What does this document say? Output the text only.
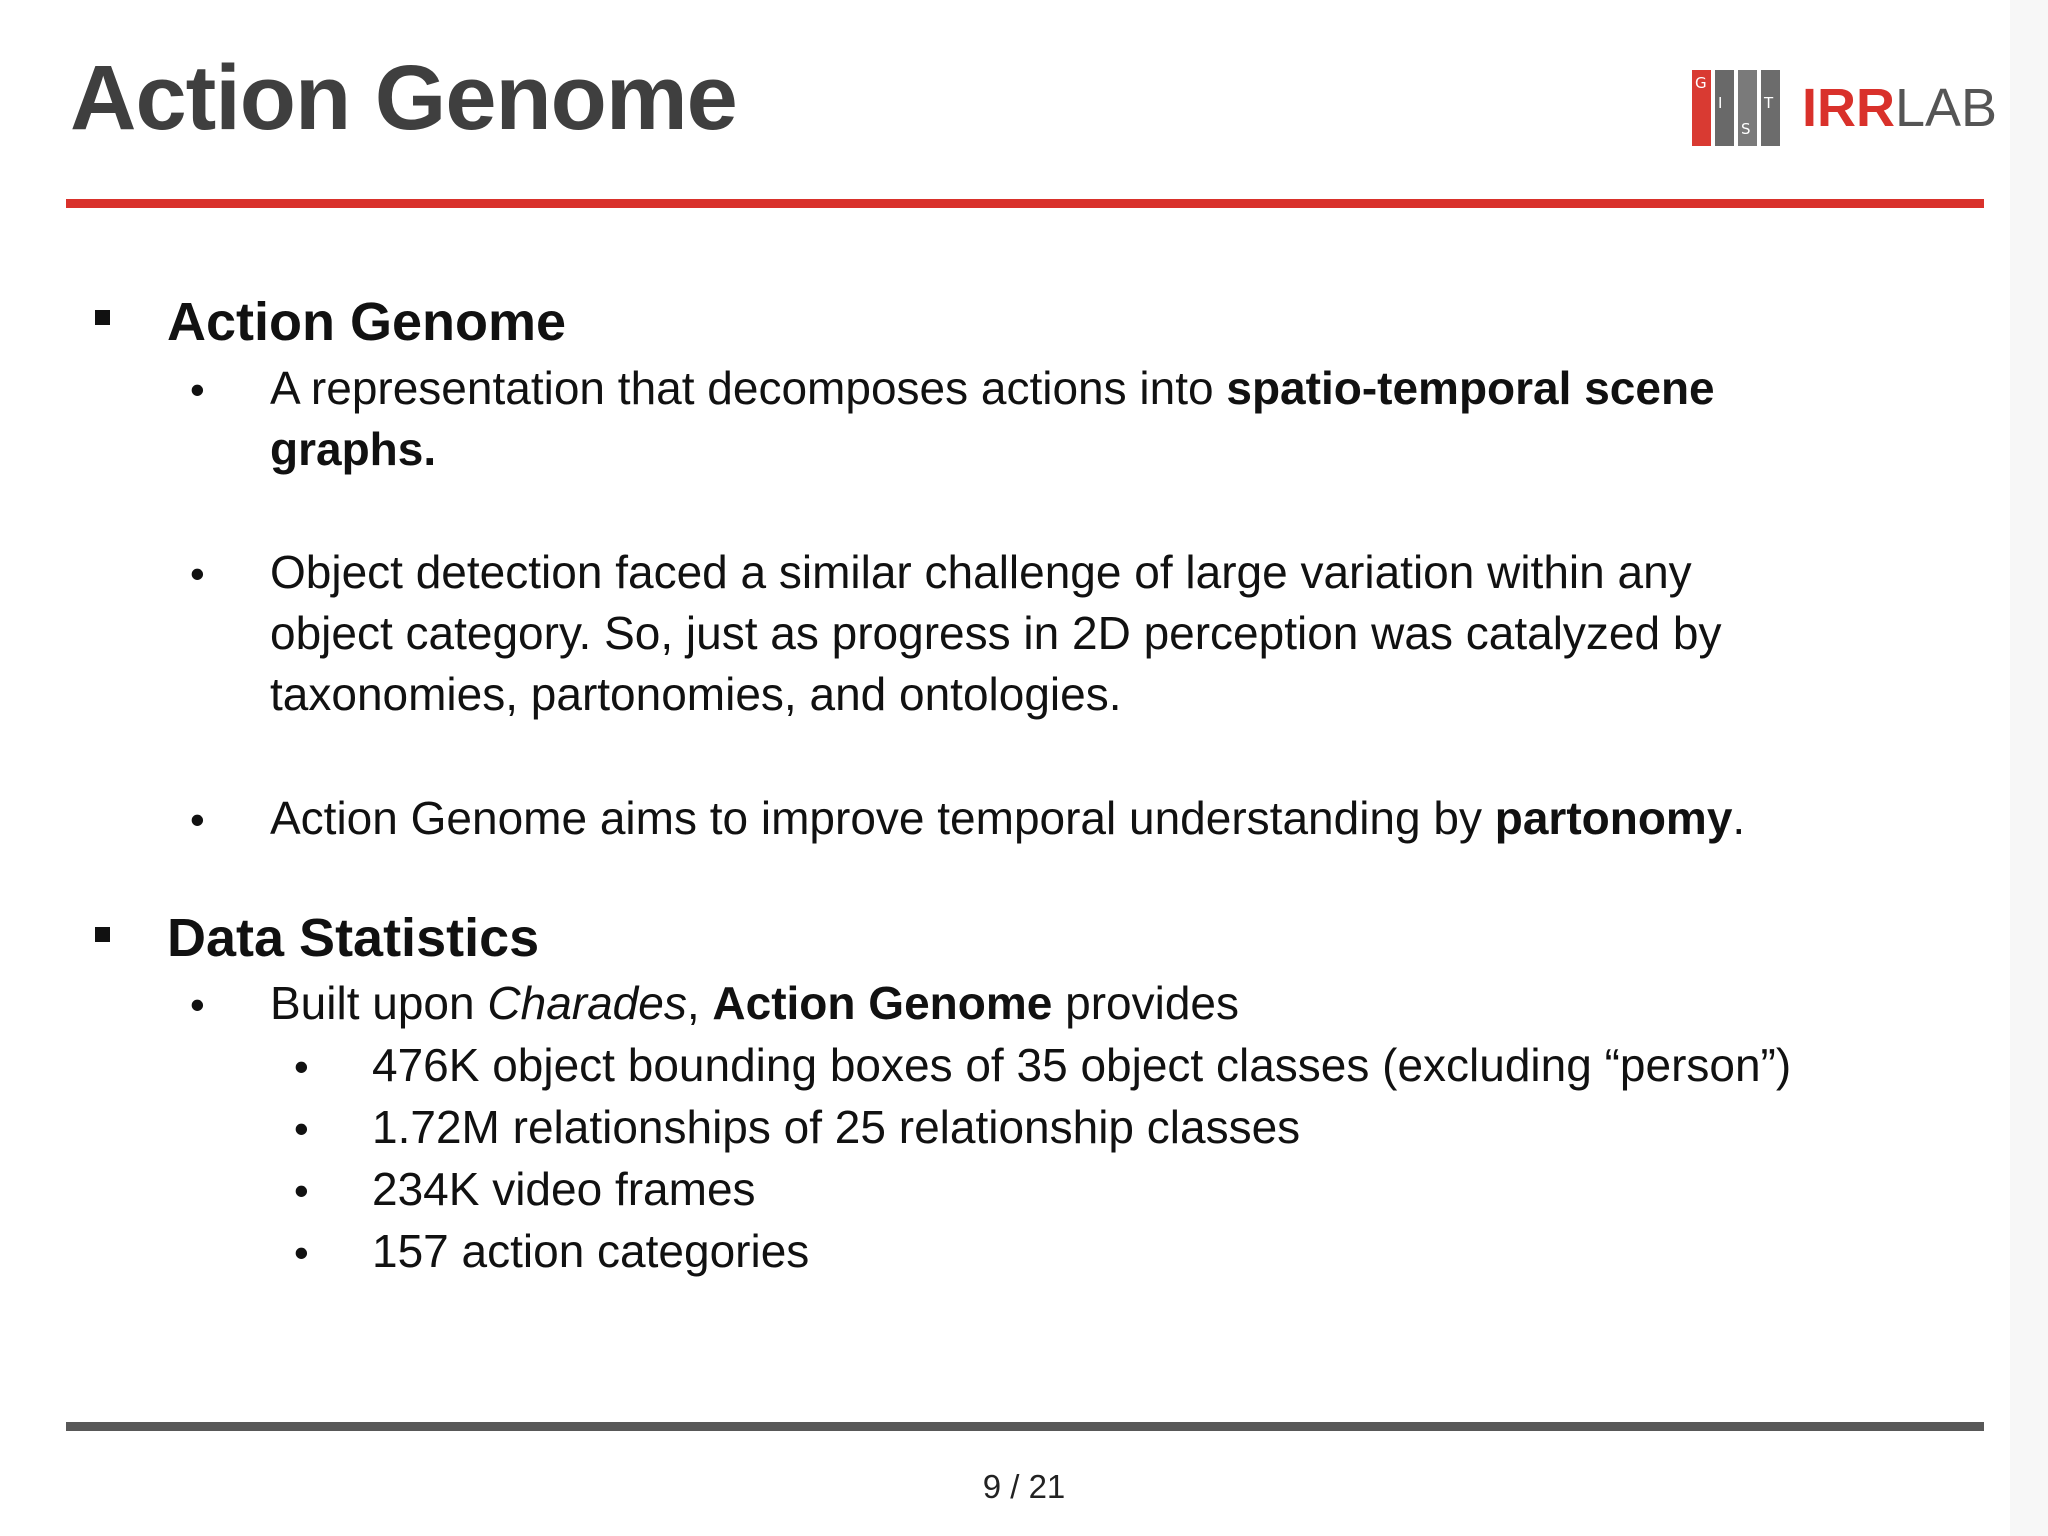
Action Genome	G
I
S
T IRRLAB
Action Genome
• A representation that decomposes actions into spatio-temporal scene
graphs.
• Object detection faced a similar challenge of large variation within any
object category. So, just as progress in 2D perception was catalyzed by
taxonomies, partonomies, and ontologies.
• Action Genome aims to improve temporal understanding by partonomy.
Data Statistics
• Built upon Charades, Action Genome provides
• 476K object bounding boxes of 35 object classes (excluding “person”)
• 1.72M relationships of 25 relationship classes
• 234K video frames
• 157 action categories
9 / 21
